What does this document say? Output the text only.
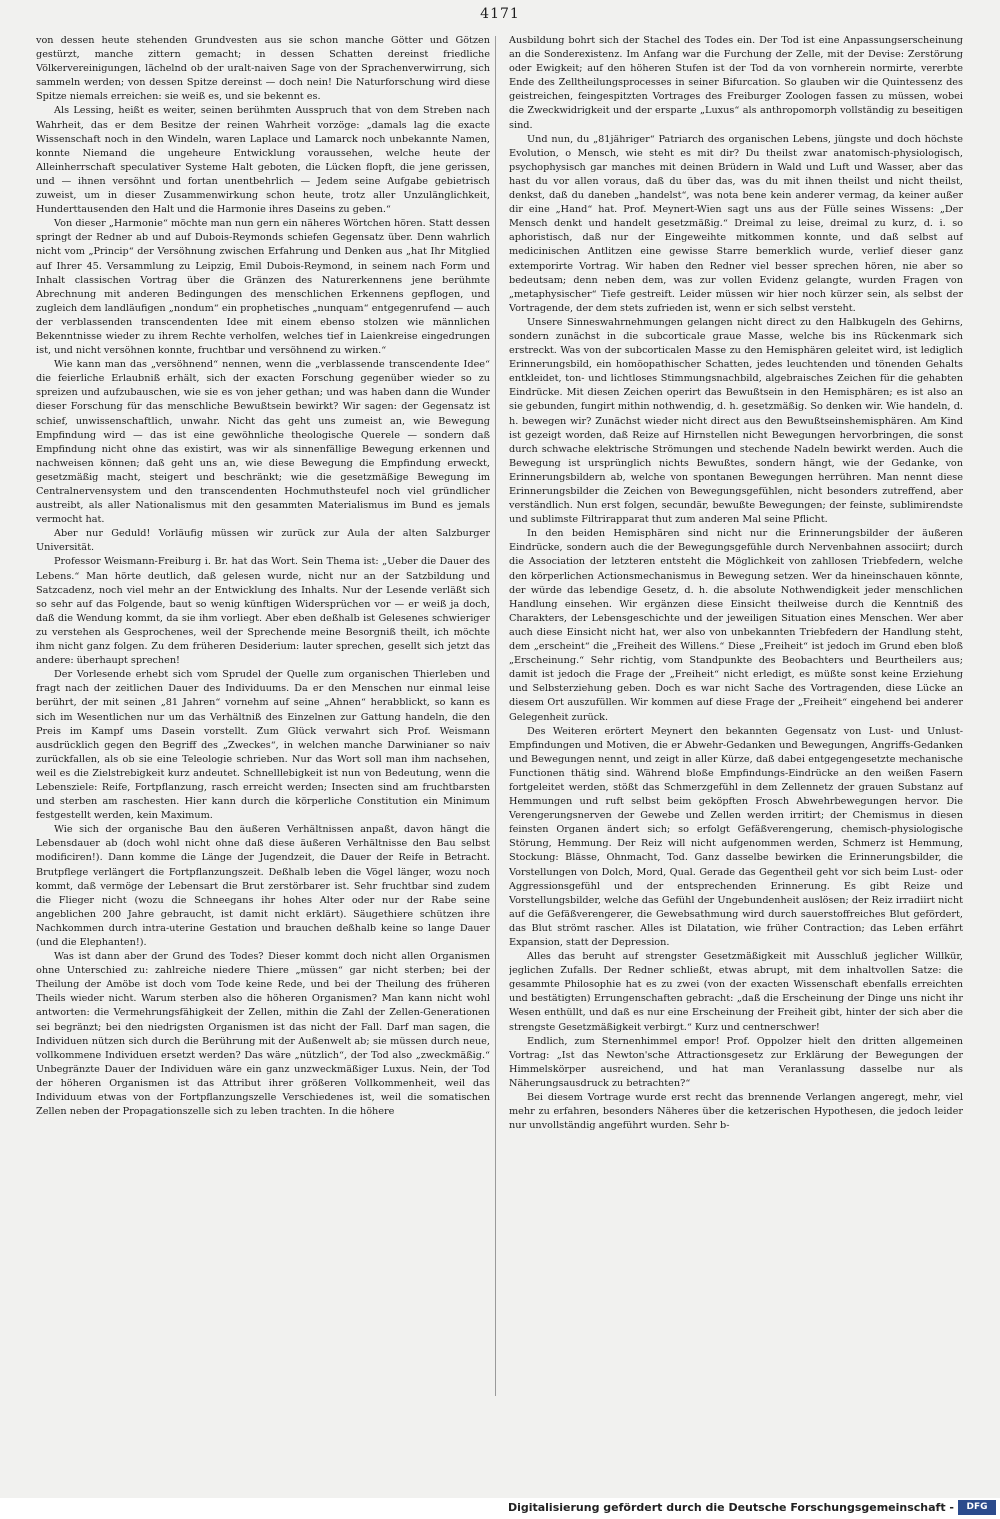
4171

von dessen heute stehenden Grundvesten aus sie schon manche Götter und Götzen gestürzt, manche zittern gemacht; in dessen Schatten dereinst friedliche Völkervereinigungen, lächelnd ob der uralt-naiven Sage von der Sprachenverwirrung, sich sammeln werden; von dessen Spitze dereinst — doch nein! Die Naturforschung wird diese Spitze niemals erreichen: sie weiß es, und sie bekennt es.

Als Lessing, heißt es weiter, seinen berühmten Ausspruch that von dem Streben nach Wahrheit, das er dem Besitze der reinen Wahrheit vorzöge: „damals lag die exacte Wissenschaft noch in den Windeln, waren Laplace und Lamarck noch unbekannte Namen, konnte Niemand die ungeheure Entwicklung voraussehen, welche heute der Alleinherrschaft speculativer Systeme Halt geboten, die Lücken flopft, die jene gerissen, und — ihnen versöhnt und fortan unentbehrlich — Jedem seine Aufgabe gebietrisch zuweist, um in dieser Zusammenwirkung schon heute, trotz aller Unzulänglichkeit, Hunderttausenden den Halt und die Harmonie ihres Daseins zu geben.“

Von dieser „Harmonie“ möchte man nun gern ein näheres Wörtchen hören. Statt dessen springt der Redner ab und auf Dubois-Reymonds schiefen Gegensatz über. Denn wahrlich nicht vom „Princip“ der Versöhnung zwischen Erfahrung und Denken aus „hat Ihr Mitglied auf Ihrer 45. Versammlung zu Leipzig, Emil Dubois-Reymond, in seinem nach Form und Inhalt classischen Vortrag über die Gränzen des Naturerkennens jene berühmte Abrechnung mit anderen Bedingungen des menschlichen Erkennens gepflogen, und zugleich dem landläufigen „nondum“ ein prophetisches „nunquam“ entgegenrufend — auch der verblassenden transcendenten Idee mit einem ebenso stolzen wie männlichen Bekenntnisse wieder zu ihrem Rechte verholfen, welches tief in Laienkreise eingedrungen ist, und nicht versöhnen konnte, fruchtbar und versöhnend zu wirken.“

Wie kann man das „versöhnend“ nennen, wenn die „verblassende transcendente Idee“ die feierliche Erlaubniß erhält, sich der exacten Forschung gegenüber wieder so zu spreizen und aufzubauschen, wie sie es von jeher gethan; und was haben dann die Wunder dieser Forschung für das menschliche Bewußtsein bewirkt? Wir sagen: der Gegensatz ist schief, unwissenschaftlich, unwahr. Nicht das geht uns zumeist an, wie Bewegung Empfindung wird — das ist eine gewöhnliche theologische Querele — sondern daß Empfindung nicht ohne das existirt, was wir als sinnenfällige Bewegung erkennen und nachweisen können; daß geht uns an, wie diese Bewegung die Empfindung erweckt, gesetzmäßig macht, steigert und beschränkt; wie die gesetzmäßige Bewegung im Centralnervensystem und den transcendenten Hochmuthsteufel noch viel gründlicher austreibt, als aller Nationalismus mit den gesammten Materialismus im Bund es jemals vermocht hat.

Aber nur Geduld! Vorläufig müssen wir zurück zur Aula der alten Salzburger Universität.

Professor Weismann-Freiburg i. Br. hat das Wort. Sein Thema ist: „Ueber die Dauer des Lebens.“ Man hörte deutlich, daß gelesen wurde, nicht nur an der Satzbildung und Satzcadenz, noch viel mehr an der Entwicklung des Inhalts. Nur der Lesende verläßt sich so sehr auf das Folgende, baut so wenig künftigen Widersprüchen vor — er weiß ja doch, daß die Wendung kommt, da sie ihm vorliegt. Aber eben deßhalb ist Gelesenes schwieriger zu verstehen als Gesprochenes, weil der Sprechende meine Besorgniß theilt, ich möchte ihm nicht ganz folgen. Zu dem früheren Desiderium: lauter sprechen, gesellt sich jetzt das andere: überhaupt sprechen!

Der Vorlesende erhebt sich vom Sprudel der Quelle zum organischen Thierleben und fragt nach der zeitlichen Dauer des Individuums. Da er den Menschen nur einmal leise berührt, der mit seinen „81 Jahren“ vornehm auf seine „Ahnen“ herabblickt, so kann es sich im Wesentlichen nur um das Verhältniß des Einzelnen zur Gattung handeln, die den Preis im Kampf ums Dasein vorstellt. Zum Glück verwahrt sich Prof. Weismann ausdrücklich gegen den Begriff des „Zweckes“, in welchen manche Darwinianer so naiv zurückfallen, als ob sie eine Teleologie schrieben. Nur das Wort soll man ihm nachsehen, weil es die Zielstrebigkeit kurz andeutet. Schnelllebigkeit ist nun von Bedeutung, wenn die Lebensziele: Reife, Fortpflanzung, rasch erreicht werden; Insecten sind am fruchtbarsten und sterben am raschesten. Hier kann durch die körperliche Constitution ein Minimum festgestellt werden, kein Maximum.

Wie sich der organische Bau den äußeren Verhältnissen anpaßt, davon hängt die Lebensdauer ab (doch wohl nicht ohne daß diese äußeren Verhältnisse den Bau selbst modificiren!). Dann komme die Länge der Jugendzeit, die Dauer der Reife in Betracht. Brutpflege verlängert die Fortpflanzungszeit. Deßhalb leben die Vögel länger, wozu noch kommt, daß vermöge der Lebensart die Brut zerstörbarer ist. Sehr fruchtbar sind zudem die Flieger nicht (wozu die Schneegans ihr hohes Alter oder nur der Rabe seine angeblichen 200 Jahre gebraucht, ist damit nicht erklärt). Säugethiere schützen ihre Nachkommen durch intra-uterine Gestation und brauchen deßhalb keine so lange Dauer (und die Elephanten!).

Was ist dann aber der Grund des Todes? Dieser kommt doch nicht allen Organismen ohne Unterschied zu: zahlreiche niedere Thiere „müssen“ gar nicht sterben; bei der Theilung der Amöbe ist doch vom Tode keine Rede, und bei der Theilung des früheren Theils wieder nicht. Warum sterben also die höheren Organismen? Man kann nicht wohl antworten: die Vermehrungsfähigkeit der Zellen, mithin die Zahl der Zellen-Generationen sei begränzt; bei den niedrigsten Organismen ist das nicht der Fall. Darf man sagen, die Individuen nützen sich durch die Berührung mit der Außenwelt ab; sie müssen durch neue, vollkommene Individuen ersetzt werden? Das wäre „nützlich“, der Tod also „zweckmäßig.“ Unbegränzte Dauer der Individuen wäre ein ganz unzweckmäßiger Luxus. Nein, der Tod der höheren Organismen ist das Attribut ihrer größeren Vollkommenheit, weil das Individuum etwas von der Fortpflanzungszelle Verschiedenes ist, weil die somatischen Zellen neben der Propagationszelle sich zu leben trachten. In die höhere

Ausbildung bohrt sich der Stachel des Todes ein. Der Tod ist eine Anpassungserscheinung an die Sonderexistenz. Im Anfang war die Furchung der Zelle, mit der Devise: Zerstörung oder Ewigkeit; auf den höheren Stufen ist der Tod da von vornherein normirte, vererbte Ende des Zelltheilungsprocesses in seiner Bifurcation. So glauben wir die Quintessenz des geistreichen, feingespitzten Vortrages des Freiburger Zoologen fassen zu müssen, wobei die Zweckwidrigkeit und der ersparte „Luxus“ als anthropomorph vollständig zu beseitigen sind.

Und nun, du „81jähriger“ Patriarch des organischen Lebens, jüngste und doch höchste Evolution, o Mensch, wie steht es mit dir? Du theilst zwar anatomisch-physiologisch, psychophysisch gar manches mit deinen Brüdern in Wald und Luft und Wasser, aber das hast du vor allen voraus, daß du über das, was du mit ihnen theilst und nicht theilst, denkst, daß du daneben „handelst“, was nota bene kein anderer vermag, da keiner außer dir eine „Hand“ hat. Prof. Meynert-Wien sagt uns aus der Fülle seines Wissens: „Der Mensch denkt und handelt gesetzmäßig.“ Dreimal zu leise, dreimal zu kurz, d. i. so aphoristisch, daß nur der Eingeweihte mitkommen konnte, und daß selbst auf medicinischen Antlitzen eine gewisse Starre bemerklich wurde, verlief dieser ganz extemporirte Vortrag. Wir haben den Redner viel besser sprechen hören, nie aber so bedeutsam; denn neben dem, was zur vollen Evidenz gelangte, wurden Fragen von „metaphysischer“ Tiefe gestreift. Leider müssen wir hier noch kürzer sein, als selbst der Vortragende, der dem stets zufrieden ist, wenn er sich selbst versteht.

Unsere Sinneswahrnehmungen gelangen nicht direct zu den Halbkugeln des Gehirns, sondern zunächst in die subcorticale graue Masse, welche bis ins Rückenmark sich erstreckt. Was von der subcorticalen Masse zu den Hemisphären geleitet wird, ist lediglich Erinnerungsbild, ein homöopathischer Schatten, jedes leuchtenden und tönenden Gehalts entkleidet, ton- und lichtloses Stimmungsnachbild, algebraisches Zeichen für die gehabten Eindrücke. Mit diesen Zeichen operirt das Bewußtsein in den Hemisphären; es ist also an sie gebunden, fungirt mithin nothwendig, d. h. gesetzmäßig. So denken wir. Wie handeln, d. h. bewegen wir? Zunächst wieder nicht direct aus den Bewußtseinshemisphären. Am Kind ist gezeigt worden, daß Reize auf Hirnstellen nicht Bewegungen hervorbringen, die sonst durch schwache elektrische Strömungen und stechende Nadeln bewirkt werden. Auch die Bewegung ist ursprünglich nichts Bewußtes, sondern hängt, wie der Gedanke, von Erinnerungsbildern ab, welche von spontanen Bewegungen herrühren. Man nennt diese Erinnerungsbilder die Zeichen von Bewegungsgefühlen, nicht besonders zutreffend, aber verständlich. Nun erst folgen, secundär, bewußte Bewegungen; der feinste, sublimirendste und sublimste Filtrirapparat thut zum anderen Mal seine Pflicht.

In den beiden Hemisphären sind nicht nur die Erinnerungsbilder der äußeren Eindrücke, sondern auch die der Bewegungsgefühle durch Nervenbahnen associirt; durch die Association der letzteren entsteht die Möglichkeit von zahllosen Triebfedern, welche den körperlichen Actionsmechanismus in Bewegung setzen. Wer da hineinschauen könnte, der würde das lebendige Gesetz, d. h. die absolute Nothwendigkeit jeder menschlichen Handlung einsehen. Wir ergänzen diese Einsicht theilweise durch die Kenntniß des Charakters, der Lebensgeschichte und der jeweiligen Situation eines Menschen. Wer aber auch diese Einsicht nicht hat, wer also von unbekannten Triebfedern der Handlung steht, dem „erscheint“ die „Freiheit des Willens.“ Diese „Freiheit“ ist jedoch im Grund eben bloß „Erscheinung.“ Sehr richtig, vom Standpunkte des Beobachters und Beurtheilers aus; damit ist jedoch die Frage der „Freiheit“ nicht erledigt, es müßte sonst keine Erziehung und Selbsterziehung geben. Doch es war nicht Sache des Vortragenden, diese Lücke an diesem Ort auszufüllen. Wir kommen auf diese Frage der „Freiheit“ eingehend bei anderer Gelegenheit zurück.

Des Weiteren erörtert Meynert den bekannten Gegensatz von Lust- und Unlust-Empfindungen und Motiven, die er Abwehr-Gedanken und Bewegungen, Angriffs-Gedanken und Bewegungen nennt, und zeigt in aller Kürze, daß dabei entgegengesetzte mechanische Functionen thätig sind. Während bloße Empfindungs-Eindrücke an den weißen Fasern fortgeleitet werden, stößt das Schmerzgefühl in dem Zellennetz der grauen Substanz auf Hemmungen und ruft selbst beim geköpften Frosch Abwehrbewegungen hervor. Die Verengerungsnerven der Gewebe und Zellen werden irritirt; der Chemismus in diesen feinsten Organen ändert sich; so erfolgt Gefäßverengerung, chemisch-physiologische Störung, Hemmung. Der Reiz will nicht aufgenommen werden, Schmerz ist Hemmung, Stockung: Blässe, Ohnmacht, Tod. Ganz dasselbe bewirken die Erinnerungsbilder, die Vorstellungen von Dolch, Mord, Qual. Gerade das Gegentheil geht vor sich beim Lust- oder Aggressionsgefühl und der entsprechenden Erinnerung. Es gibt Reize und Vorstellungsbilder, welche das Gefühl der Ungebundenheit auslösen; der Reiz irradiirt nicht auf die Gefäßverengerer, die Gewebsathmung wird durch sauerstoffreiches Blut gefördert, das Blut strömt rascher. Alles ist Dilatation, wie früher Contraction; das Leben erfährt Expansion, statt der Depression.

Alles das beruht auf strengster Gesetzmäßigkeit mit Ausschluß jeglicher Willkür, jeglichen Zufalls. Der Redner schließt, etwas abrupt, mit dem inhaltvollen Satze: die gesammte Philosophie hat es zu zwei (von der exacten Wissenschaft ebenfalls erreichten und bestätigten) Errungenschaften gebracht: „daß die Erscheinung der Dinge uns nicht ihr Wesen enthüllt, und daß es nur eine Erscheinung der Freiheit gibt, hinter der sich aber die strengste Gesetzmäßigkeit verbirgt.“ Kurz und centnerschwer!

Endlich, zum Sternenhimmel empor! Prof. Oppolzer hielt den dritten allgemeinen Vortrag: „Ist das Newton'sche Attractionsgesetz zur Erklärung der Bewegungen der Himmelskörper ausreichend, und hat man Veranlassung dasselbe nur als Näherungsausdruck zu betrachten?“

Bei diesem Vortrage wurde erst recht das brennende Verlangen angeregt, mehr, viel mehr zu erfahren, besonders Näheres über die ketzerischen Hypothesen, die jedoch leider nur unvollständig angeführt wurden. Sehr b-

Digitalisierung gefördert durch die Deutsche Forschungsgemeinschaft -	DFG
